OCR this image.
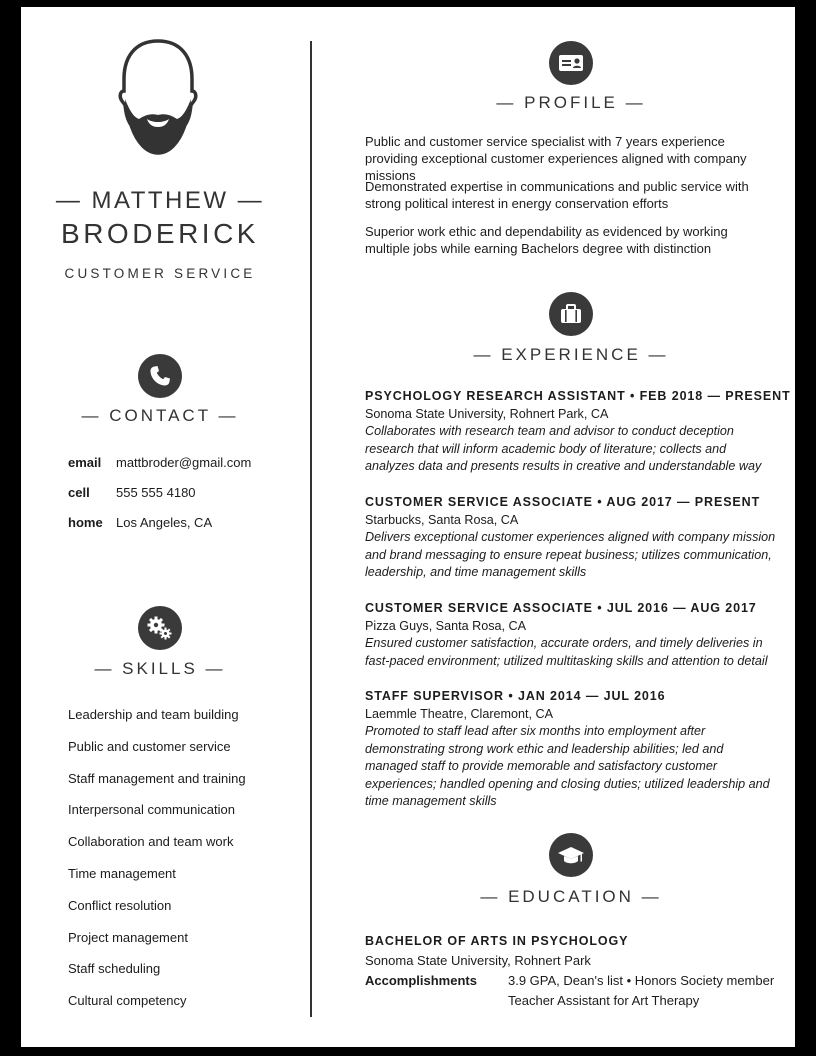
— MATTHEW —
BRODERICK
CUSTOMER SERVICE
— CONTACT —
email	mattbroder@gmail.com
cell	555 555 4180
home	Los Angeles, CA
— SKILLS —
Leadership and team building
Public and customer service
Staff management and training
Interpersonal communication
Collaboration and team work
Time management
Conflict resolution
Project management
Staff scheduling
Cultural competency
— PROFILE —

Public and customer service specialist with 7 years experience providing exceptional customer experiences aligned with company missions

Demonstrated expertise in communications and public service with strong political interest in energy conservation efforts

Superior work ethic and dependability as evidenced by working multiple jobs while earning Bachelors degree with distinction

— EXPERIENCE —
PSYCHOLOGY RESEARCH ASSISTANT • FEB 2018 — PRESENT
Sonoma State University, Rohnert Park, CA
Collaborates with research team and advisor to conduct deception research that will inform academic body of literature; collects and analyzes data and presents results in creative and understandable way
CUSTOMER SERVICE ASSOCIATE • AUG 2017 — PRESENT
Starbucks, Santa Rosa, CA
Delivers exceptional customer experiences aligned with company mission and brand messaging to ensure repeat business; utilizes communication, leadership, and time management skills
CUSTOMER SERVICE ASSOCIATE • JUL 2016 — AUG 2017
Pizza Guys, Santa Rosa, CA
Ensured customer satisfaction, accurate orders, and timely deliveries in fast-paced environment; utilized multitasking skills and attention to detail
STAFF SUPERVISOR • JAN 2014 — JUL 2016
Laemmle Theatre, Claremont, CA
Promoted to staff lead after six months into employment after demonstrating strong work ethic and leadership abilities; led and managed staff to provide memorable and satisfactory customer experiences; handled opening and closing duties; utilized leadership and time management skills
— EDUCATION —
BACHELOR OF ARTS IN PSYCHOLOGY
Sonoma State University, Rohnert Park
Accomplishments	3.9 GPA, Dean's list • Honors Society member
Teacher Assistant for Art Therapy
